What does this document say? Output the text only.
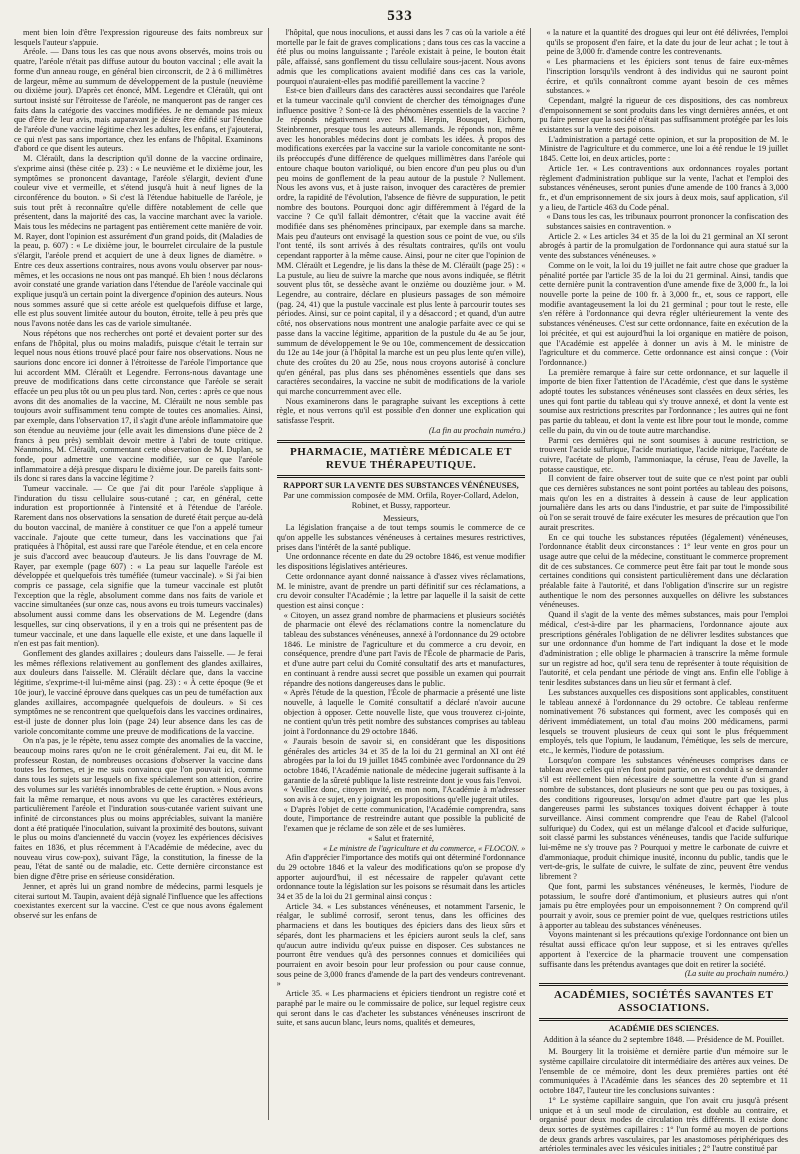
533

ment bien loin d'être l'expression rigoureuse des faits nombreux sur lesquels l'auteur s'appuie.

Aréole. — Dans tous les cas que nous avons observés, moins trois ou quatre, l'aréole n'était pas diffuse autour du bouton vaccinal ; elle avait la forme d'un anneau rouge, en général bien circonscrit, de 2 à 6 millimètres de largeur, même au summum de développement de la pustule (neuvième ou dixième jour). D'après cet énoncé, MM. Legendre et Cléraült, qui ont surtout insisté sur l'étroitesse de l'aréole, ne manqueront pas de ranger ces faits dans la catégorie des vaccines modifiées. Je ne demande pas mieux que d'être de leur avis, mais auparavant je désire être édifié sur l'étendue de l'aréole d'une vaccine légitime chez les adultes, les enfans, et j'ajouterai, ce qui n'est pas sans importance, chez les enfans de l'hôpital. Examinons d'abord ce que disent les auteurs.

M. Cléraült, dans la description qu'il donne de la vaccine ordinaire, s'exprime ainsi (thèse citée p. 23) : « Le neuvième et le dixième jour, les symptômes se prononcent davantage, l'aréole s'élargit, devient d'une couleur vive et vermeille, et s'étend jusqu'à huit à neuf lignes de la circonférence du bouton. » Si c'est là l'étendue habituelle de l'aréole, je suis tout prêt à reconnaître qu'elle diffère notablement de celle que présentent, dans la majorité des cas, la vaccine marchant avec la variole. Mais tous les médecins ne partagent pas entièrement cette manière de voir. M. Rayer, dont l'opinion est assurément d'un grand poids, dit (Maladies de la peau, p. 607) : « Le dixième jour, le bourrelet circulaire de la pustule s'élargit, l'aréole prend et acquiert de une à deux lignes de diamètre. » Entre ces deux assertions contraires, nous avons voulu observer par nous-mêmes, et les occasions ne nous ont pas manqué. Eh bien ! nous déclarons avoir constaté une grande variation dans l'étendue de l'aréole vaccinale qui explique jusqu'à un certain point la divergence d'opinion des auteurs. Nous nous sommes assuré que si cette aréole est quelquefois diffuse et large, elle est plus souvent limitée autour du bouton, étroite, telle à peu près que nous l'avons notée dans les cas de variole simultanée.

Nous répétons que nos recherches ont porté et devaient porter sur des enfans de l'hôpital, plus ou moins maladifs, puisque c'était le terrain sur lequel nous nous étions trouvé placé pour faire nos observations. Nous ne saurions donc encore ici donner à l'étroitesse de l'aréole l'importance que lui accordent MM. Cléraült et Legendre. Ferrons-nous davantage une preuve de modifications dans cette circonstance que l'aréole se serait effacée un peu plus tôt ou un peu plus tard. Non, certes : après ce que nous avons dit des anomalies de la vaccine, M. Cléraült ne nous semble pas toujours avoir suffisamment tenu compte de toutes ces anomalies. Ainsi, par exemple, dans l'observation 17, il s'agit d'une aréole inflammatoire que son étendue au neuvième jour (elle avait les dimensions d'une pièce de 2 francs à peu près) semblait devoir mettre à l'abri de toute critique. Néanmoins, M. Cléraült, commentant cette observation de M. Duplan, se fonde, pour admettre une vaccine modifiée, sur ce que l'aréole inflammatoire a déjà presque disparu le dixième jour. De pareils faits sont-ils donc si rares dans la vaccine légitime ?

Tumeur vaccinale. — Ce que j'ai dit pour l'aréole s'applique à l'induration du tissu cellulaire sous-cutané ; car, en général, cette induration est proportionnée à l'intensité et à l'étendue de l'aréole. Rarement dans nos observations la sensation de dureté était perçue au-delà du bouton vaccinal, de manière à constituer ce que l'on a appelé tumeur vaccinale. J'ajoute que cette tumeur, dans les vaccinations que j'ai pratiquées à l'hôpital, est aussi rare que l'aréole étendue, et en cela encore je suis d'accord avec beaucoup d'auteurs. Je lis dans l'ouvrage de M. Rayer, par exemple (page 607) : « La peau sur laquelle l'aréole est développée et quelquefois très tuméfiée (tumeur vaccinale). » Si j'ai bien compris ce passage, cela signifie que la tumeur vaccinale est plutôt l'exception que la règle, absolument comme dans nos faits de variole et vaccine simultanées (sur onze cas, nous avons eu trois tumeurs vaccinales) absolument aussi comme dans les observations de M. Legendre (dans lesquelles, sur cinq observations, il y en a trois qui ne présentent pas de tumeur vaccinale, et une dans laquelle elle existe, et une dans laquelle il n'en est pas fait mention).

Gonflement des glandes axillaires ; douleurs dans l'aisselle. — Je ferai les mêmes réflexions relativement au gonflement des glandes axillaires, aux douleurs dans l'aisselle. M. Cléraült déclare que, dans la vaccine légitime, s'exprime-t-il lui-même ainsi (pag. 23) : « À cette époque (9e et 10e jour), le vacciné éprouve dans quelques cas un peu de tuméfaction aux glandes axillaires, accompagnée quelquefois de douleurs. » Si ces symptômes ne se rencontrent que quelquefois dans les vaccines ordinaires, est-il juste de donner plus loin (page 24) leur absence dans les cas de variole concomitante comme une preuve de modifications de la vaccine.

On n'a pas, je le répète, tenu assez compte des anomalies de la vaccine, beaucoup moins rares qu'on ne le croit généralement. J'ai eu, dit M. le professeur Rostan, de nombreuses occasions d'observer la vaccine dans toutes les formes, et je me suis convaincu que l'on pouvait ici, comme dans tous les sujets sur lesquels on fixe spécialement son attention, écrire des volumes sur les variétés innombrables de cette éruption. » Nous avons fait la même remarque, et nous avons vu que les caractères extérieurs, particulièrement l'aréole et l'induration sous-cutanée varient suivant une infinité de circonstances plus ou moins appréciables, suivant la manière dont a été pratiquée l'inoculation, suivant la proximité des boutons, suivant le plus ou moins d'ancienneté du vaccin (voyez les expériences décisives faites en 1836, et plus récemment à l'Académie de médecine, avec du nouveau virus cow-pox), suivant l'âge, la constitution, la finesse de la peau, l'état de santé ou de maladie, etc. Cette dernière circonstance est bien digne d'être prise en sérieuse considération.

Jenner, et après lui un grand nombre de médecins, parmi lesquels je citerai surtout M. Taupin, avaient déjà signalé l'influence que les affections coexistantes exercent sur la vaccine. C'est ce que nous avons également observé sur les enfans de

l'hôpital, que nous inoculions, et aussi dans les 7 cas où la variole a été mortelle par le fait de graves complications ; dans tous ces cas la vaccine a été plus ou moins languissante ; l'aréole existait à peine, le bouton était pâle, affaissé, sans gonflement du tissu cellulaire sous-jacent. Nous avons admis que les complications avaient modifié dans ces cas la variole, pourquoi n'auraient-elles pas modifié pareillement la vaccine ?

Est-ce bien d'ailleurs dans des caractères aussi secondaires que l'aréole et la tumeur vaccinale qu'il convient de chercher des témoignages d'une influence positive ? Sont-ce là des phénomènes essentiels de la vaccine ? Je réponds négativement avec MM. Herpin, Bousquet, Eichorn, Steinbrenner, presque tous les auteurs allemands. Je réponds non, même avec les honorables médecins dont je combats les idées. À propos des modifications exercées par la vaccine sur la variole concomitante ne sont-ils préoccupés d'une différence de quelques millimètres dans l'aréole qui entoure chaque bouton varioliqué, ou bien encore d'un peu plus ou d'un peu moins de gonflement de la peau autour de la pustule ? Nullement. Nous les avons vus, et à juste raison, invoquer des caractères de premier ordre, la rapidité de l'évolution, l'absence de fièvre de suppuration, le petit nombre des boutons. Pourquoi donc agir différemment à l'égard de la vaccine ? Ce qu'il fallait démontrer, c'était que la vaccine avait été modifiée dans ses phénomènes principaux, par exemple dans sa marche. Mais peu d'auteurs ont envisagé la question sous ce point de vue, ou s'ils l'ont tenté, ils sont arrivés à des résultats contraires, qu'ils ont voulu cependant rapporter à la même cause. Ainsi, pour ne citer que l'opinion de MM. Cléraült et Legendre, je lis dans la thèse de M. Cléraült (page 25) : « La pustule, au lieu de suivre la marche que nous avons indiquée, se flétrit souvent plus tôt, se dessèche avant le onzième ou douzième jour. » M. Legendre, au contraire, déclare en plusieurs passages de son mémoire (pag. 24, 41) que la pustule vaccinale est plus lente à parcourir toutes ses périodes. Ainsi, sur ce point capital, il y a désaccord ; et quand, d'un autre côté, nos observations nous montrent une analogie parfaite avec ce qui se passe dans la vaccine légitime, apparition de la pustule du 4e au 5e jour, summum de développement le 9e ou 10e, commencement de dessiccation du 12e au 14e jour (à l'hôpital la marche est un peu plus lente qu'en ville), chute des croûtes du 20 au 25e, nous nous croyons autorisé à conclure qu'en général, pas plus dans ses phénomènes essentiels que dans ses caractères secondaires, la vaccine ne subit de modifications de la variole qui marche concurremment avec elle.

Nous examinerons dans le paragraphe suivant les exceptions à cette règle, et nous verrons qu'il est possible d'en donner une explication qui satisfasse l'esprit.

(La fin au prochain numéro.)

PHARMACIE, MATIÈRE MÉDICALE ET REVUE THÉRAPEUTIQUE.
RAPPORT SUR LA VENTE DES SUBSTANCES VÉNÉNEUSES,
Par une commission composée de MM. Orfila, Royer-Collard, Adelon, Robinet, et Bussy, rapporteur.

Messieurs,

La législation française a de tout temps soumis le commerce de ce qu'on appelle les substances vénéneuses à certaines mesures restrictives, prises dans l'intérêt de la santé publique.

Une ordonnance récente en date du 29 octobre 1846, est venue modifier les dispositions législatives antérieures.

Cette ordonnance ayant donné naissance à d'assez vives réclamations, M. le ministre, avant de prendre un parti définitif sur ces réclamations, a cru devoir consulter l'Académie ; la lettre par laquelle il la saisit de cette question est ainsi conçue :

« Citoyen, un assez grand nombre de pharmaciens et plusieurs sociétés de pharmacie ont élevé des réclamations contre la nomenclature du tableau des substances vénéneuses, annexé à l'ordonnance du 29 octobre 1846. Le ministre de l'agriculture et du commerce a cru devoir, en conséquence, prendre d'une part l'avis de l'École de pharmacie de Paris, et d'une autre part celui du Comité consultatif des arts et manufactures, en continuant à rendre aussi secret que possible un examen qui pourrait répandre des notions dangereuses dans le public.

« Après l'étude de la question, l'École de pharmacie a présenté une liste nouvelle, à laquelle le Comité consultatif a déclaré n'avoir aucune objection à opposer. Cette nouvelle liste, que vous trouverez ci-jointe, ne contient qu'un très petit nombre des substances comprises au tableau joint à l'ordonnance du 29 octobre 1846.

« J'aurais besoin de savoir si, en considérant que les dispositions générales des articles 34 et 35 de la loi du 21 germinal an XI ont été abrogées par la loi du 19 juillet 1845 combinée avec l'ordonnance du 29 octobre 1846, l'Académie nationale de médecine jugerait suffisante à la garantie de la sûreté publique la liste restreinte dont je vous fais l'envoi.

« Veuillez donc, citoyen invité, en mon nom, l'Académie à m'adresser son avis à ce sujet, en y joignant les propositions qu'elle jugerait utiles.

« D'après l'objet de cette communication, l'Académie comprendra, sans doute, l'importance de restreindre autant que possible la publicité de l'examen que je réclame de son zèle et de ses lumières.

« Salut et fraternité,

« Le ministre de l'agriculture et du commerce, « FLOCON. »

Afin d'apprécier l'importance des motifs qui ont déterminé l'ordonnance du 29 octobre 1846 et la valeur des modifications qu'on se propose d'y apporter aujourd'hui, il est nécessaire de rappeler qu'avant cette ordonnance toute la législation sur les poisons se résumait dans les articles 34 et 35 de la loi du 21 germinal ainsi conçus :

Article 34. « Les substances vénéneuses, et notamment l'arsenic, le réalgar, le sublimé corrosif, seront tenus, dans les officines des pharmaciens et dans les boutiques des épiciers dans des lieux sûrs et séparés, dont les pharmaciens et les épiciers auront seuls la clef, sans qu'aucun autre individu qu'eux puisse en disposer. Ces substances ne pourront être vendues qu'à des personnes connues et domiciliées qui pourraient en avoir besoin pour leur profession ou pour cause connue, sous peine de 3,000 francs d'amende de la part des vendeurs contrevenant. »

Article 35. « Les pharmaciens et épiciers tiendront un registre coté et paraphé par le maire ou le commissaire de police, sur lequel registre ceux qui seront dans le cas d'acheter les substances vénéneuses inscriront de suite, et sans aucun blanc, leurs noms, qualités et demeures,

« la nature et la quantité des drogues qui leur ont été délivrées, l'emploi qu'ils se proposent d'en faire, et la date du jour de leur achat ; le tout à peine de 3,000 fr. d'amende contre les contrevenants.

« Les pharmaciens et les épiciers sont tenus de faire eux-mêmes l'inscription lorsqu'ils vendront à des individus qui ne sauront point écrire, et qu'ils connaîtront comme ayant besoin de ces mêmes substances. »

Cependant, malgré la rigueur de ces dispositions, des cas nombreux d'empoisonnement se sont produits dans les vingt dernières années, et ont pu faire penser que la société n'était pas suffisamment protégée par les lois existantes sur la vente des poisons.

L'administration a partagé cette opinion, et sur la proposition de M. le Ministre de l'agriculture et du commerce, une loi a été rendue le 19 juillet 1845. Cette loi, en deux articles, porte :

Article 1er. « Les contraventions aux ordonnances royales portant règlement d'administration publique sur la vente, l'achat et l'emploi des substances vénéneuses, seront punies d'une amende de 100 francs à 3,000 fr., et d'un emprisonnement de six jours à deux mois, sauf application, s'il y a lieu, de l'article 463 du Code pénal.

« Dans tous les cas, les tribunaux pourront prononcer la confiscation des substances saisies en contravention. »

Article 2. « Les articles 34 et 35 de la loi du 21 germinal an XI seront abrogés à partir de la promulgation de l'ordonnance qui aura statué sur la vente des substances vénéneuses. »

Comme on le voit, la loi du 19 juillet ne fait autre chose que graduer la pénalité portée par l'article 35 de la loi du 21 germinal. Ainsi, tandis que cette dernière punit la contravention d'une amende fixe de 3,000 fr., la loi nouvelle porte la peine de 100 fr. à 3,000 fr., et, sous ce rapport, elle modifie avantageusement la loi du 21 germinal ; pour tout le reste, elle s'en réfère à l'ordonnance qui devra régler ultérieurement la vente des substances vénéneuses. C'est sur cette ordonnance, faite en exécution de la loi précitée, et qui est aujourd'hui la loi organique en matière de poison, que l'Académie est appelée à donner un avis à M. le ministre de l'agriculture et du commerce. Cette ordonnance est ainsi conçue : (Voir l'ordonnance.)

La première remarque à faire sur cette ordonnance, et sur laquelle il importe de bien fixer l'attention de l'Académie, c'est que dans le système adopté toutes les substances vénéneuses sont classées en deux séries, les unes qui font partie du tableau qui s'y trouve annexé, et dont la vente est soumise aux restrictions prescrites par l'ordonnance ; les autres qui ne font pas partie du tableau, et dont la vente est libre pour tout le monde, comme celle du pain, du vin ou de toute autre marchandise.

Parmi ces dernières qui ne sont soumises à aucune restriction, se trouvent l'acide sulfurique, l'acide muriatique, l'acide nitrique, l'acétate de cuivre, l'acétate de plomb, l'ammoniaque, la céruse, l'eau de Javelle, la potasse caustique, etc.

Il convient de faire observer tout de suite que ce n'est point par oubli que ces dernières substances ne sont point portées au tableau des poisons, mais qu'on les en a distraites à dessein à cause de leur application journalière dans les arts ou dans l'industrie, et par suite de l'impossibilité où l'on se serait trouvé de faire exécuter les mesures de précaution que l'on aurait prescrites.

En ce qui touche les substances réputées (légalement) vénéneuses, l'ordonnance établit deux circonstances : 1° leur vente en gros pour un usage autre que celui de la médecine, constituant le commerce proprement dit de ces substances. Ce commerce peut être fait par tout le monde sous certaines conditions qui consistent particulièrement dans une déclaration préalable faite à l'autorité, et dans l'obligation d'inscrire sur un registre authentique le nom des personnes auxquelles on délivre les substances vénéneuses.

Quand il s'agit de la vente des mêmes substances, mais pour l'emploi médical, c'est-à-dire par les pharmaciens, l'ordonnance ajoute aux prescriptions générales l'obligation de ne délivrer lesdites substances que sur une ordonnance d'un homme de l'art indiquant la dose et le mode d'administration ; elle oblige le pharmacien à transcrire la même formule sur un registre ad hoc, qu'il sera tenu de représenter à toute réquisition de l'autorité, et cela pendant une période de vingt ans. Enfin elle l'oblige à tenir lesdites substances dans un lieu sûr et fermant à clef.

Les substances auxquelles ces dispositions sont applicables, constituent le tableau annexé à l'ordonnance du 29 octobre. Ce tableau renferme nominativement 76 substances qui forment, avec les composés qui en dérivent immédiatement, un total d'au moins 200 médicamens, parmi lesquels se trouvent plusieurs de ceux qui sont le plus fréquemment employés, tels que l'opium, le laudanum, l'émétique, les sels de mercure, etc., le kermès, l'iodure de potassium.

Lorsqu'on compare les substances vénéneuses comprises dans ce tableau avec celles qui n'en font point partie, on est conduit à se demander s'il est réellement bien nécessaire de soumettre la vente d'un si grand nombre de substances, dont plusieurs ne sont que peu ou pas toxiques, à des conditions rigoureuses, lorsqu'on admet d'autre part que les plus dangereuses parmi les substances toxiques doivent échapper à toute surveillance. Ainsi comment comprendre que l'eau de Rabel (l'alcool sulfurique) du Codex, qui est un mélange d'alcool et d'acide sulfurique, soit classé parmi les substances vénéneuses, tandis que l'acide sulfurique lui-même ne s'y trouve pas ? Pourquoi y mettre le carbonate de cuivre et d'ammoniaque, produit chimique inusité, inconnu du public, tandis que le vert-de-gris, le sulfate de cuivre, le sulfate de zinc, peuvent être vendus librement ?

Que font, parmi les substances vénéneuses, le kermès, l'iodure de potassium, le soufre doré d'antimonium, et plusieurs autres qui n'ont jamais pu être employées pour un empoisonnement ? On comprend qu'il pourrait y avoir, sous ce premier point de vue, quelques restrictions utiles à apporter au tableau des substances vénéneuses.

Voyons maintenant si les précautions qu'exige l'ordonnance ont bien un résultat aussi efficace qu'on leur suppose, et si les entraves qu'elles apportent à l'exercice de la pharmacie trouvent une compensation suffisante dans les prétendus avantages que doit en retirer la société.

(La suite au prochain numéro.)

ACADÉMIES, SOCIÉTÉS SAVANTES ET ASSOCIATIONS.
ACADÉMIE DES SCIENCES.
Addition à la séance du 2 septembre 1848. — Présidence de M. Pouillet.

M. Bourgery lit la troisième et dernière partie d'un mémoire sur le système capillaire circulatoire dit intermédiaire des artères aux veines. De l'ensemble de ce mémoire, dont les deux premières parties ont été communiquées à l'Académie dans les séances des 20 septembre et 11 octobre 1847, l'auteur tire les conclusions suivantes :

1° Le système capillaire sanguin, que l'on avait cru jusqu'à présent unique et à un seul mode de circulation, est double au contraire, et organisé pour deux modes de circulation très différents. Il existe donc deux sortes de systèmes capillaires : 1° l'un formé au moyen de portions de deux grands arbres vasculaires, par les anastomoses périphériques des artérioles terminales avec les vésicules initiales ; 2° l'autre constitué par
